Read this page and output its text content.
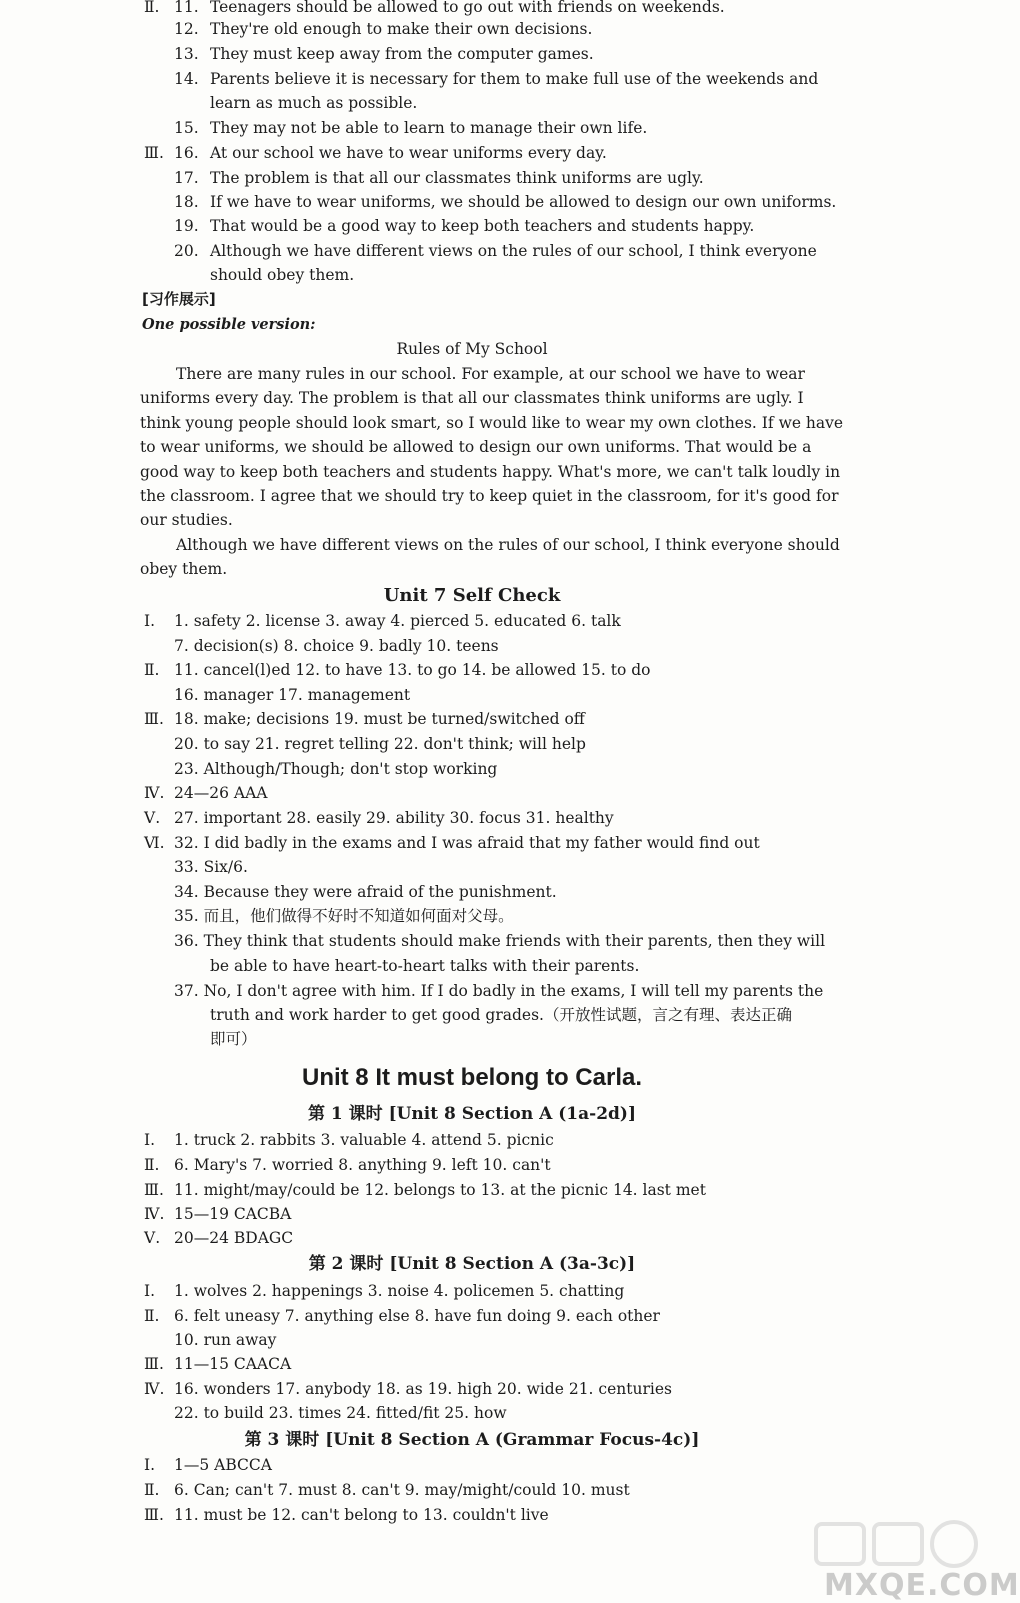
Ⅱ. 11. Teenagers should be allowed to go out with friends on weekends.
12. They're old enough to make their own decisions.
13. They must keep away from the computer games.
14. Parents believe it is necessary for them to make full use of the weekends and
learn as much as possible.
15. They may not be able to learn to manage their own life.
Ⅲ. 16. At our school we have to wear uniforms every day.
17. The problem is that all our classmates think uniforms are ugly.
18. If we have to wear uniforms, we should be allowed to design our own uniforms.
19. That would be a good way to keep both teachers and students happy.
20. Although we have different views on the rules of our school, I think everyone
should obey them.
[习作展示]
One possible version:
Rules of My School
There are many rules in our school. For example, at our school we have to wear
uniforms every day. The problem is that all our classmates think uniforms are ugly. I
think young people should look smart, so I would like to wear my own clothes. If we have
to wear uniforms, we should be allowed to design our own uniforms. That would be a
good way to keep both teachers and students happy. What's more, we can't talk loudly in
the classroom. I agree that we should try to keep quiet in the classroom, for it's good for
our studies.
Although we have different views on the rules of our school, I think everyone should
obey them.
Unit 7 Self Check
Ⅰ. 1. safety 2. license 3. away 4. pierced 5. educated 6. talk
7. decision(s) 8. choice 9. badly 10. teens
Ⅱ. 11. cancel(l)ed 12. to have 13. to go 14. be allowed 15. to do
16. manager 17. management
Ⅲ. 18. make; decisions 19. must be turned/switched off
20. to say 21. regret telling 22. don't think; will help
23. Although/Though; don't stop working
Ⅳ. 24—26 AAA
Ⅴ. 27. important 28. easily 29. ability 30. focus 31. healthy
Ⅵ. 32. I did badly in the exams and I was afraid that my father would find out
33. Six/6.
34. Because they were afraid of the punishment.
35. 而且，他们做得不好时不知道如何面对父母。
36. They think that students should make friends with their parents, then they will
be able to have heart-to-heart talks with their parents.
37. No, I don't agree with him. If I do badly in the exams, I will tell my parents the
truth and work harder to get good grades.（开放性试题，言之有理、表达正确
即可）
Unit 8 It must belong to Carla.
第 1 课时 [Unit 8 Section A (1a-2d)]
Ⅰ. 1. truck 2. rabbits 3. valuable 4. attend 5. picnic
Ⅱ. 6. Mary's 7. worried 8. anything 9. left 10. can't
Ⅲ. 11. might/may/could be 12. belongs to 13. at the picnic 14. last met
Ⅳ. 15—19 CACBA
Ⅴ. 20—24 BDAGC
第 2 课时 [Unit 8 Section A (3a-3c)]
Ⅰ. 1. wolves 2. happenings 3. noise 4. policemen 5. chatting
Ⅱ. 6. felt uneasy 7. anything else 8. have fun doing 9. each other
10. run away
Ⅲ. 11—15 CAACA
Ⅳ. 16. wonders 17. anybody 18. as 19. high 20. wide 21. centuries
22. to build 23. times 24. fitted/fit 25. how
第 3 课时 [Unit 8 Section A (Grammar Focus-4c)]
Ⅰ. 1—5 ABCCA
Ⅱ. 6. Can; can't 7. must 8. can't 9. may/might/could 10. must
Ⅲ. 11. must be 12. can't belong to 13. couldn't live
MXQE.COM
